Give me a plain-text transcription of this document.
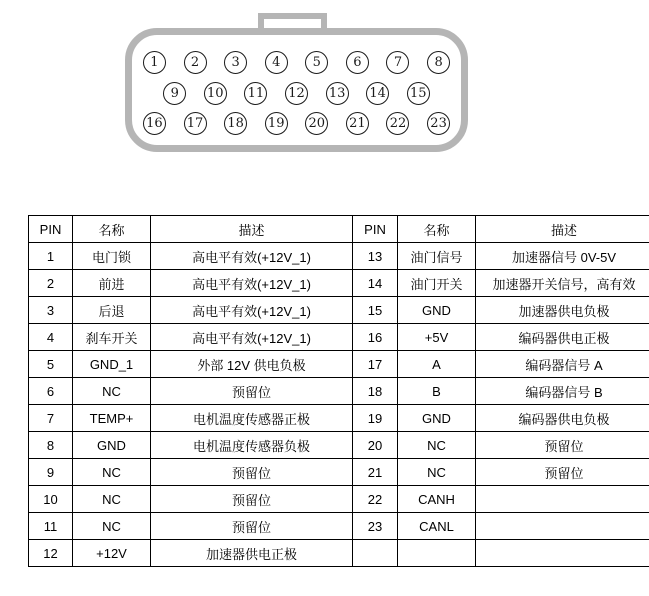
1	2	3	4	5	6	7	8
9	10 11 12 13 14 15
16 17 18 19 20 21 22 23
PIN	名称	描述	PIN	名称	描述
1	电门锁	高电平有效(+12V_1)	13	油门信号	加速器信号 0V-5V
2	前进	高电平有效(+12V_1)	14	油门开关	加速器开关信号，高有效
3	后退	高电平有效(+12V_1)	15	GND	加速器供电负极
4	刹车开关	高电平有效(+12V_1)	16	+5V	编码器供电正极
5	GND_1	外部 12V 供电负极	17	A	编码器信号 A
6	NC	预留位	18	B	编码器信号 B
7	TEMP+	电机温度传感器正极	19	GND	编码器供电负极
8	GND	电机温度传感器负极	20	NC	预留位
9	NC	预留位	21	NC	预留位
10	NC	预留位	22	CANH	
11	NC	预留位	23	CANL	
12	+12V	加速器供电正极			
